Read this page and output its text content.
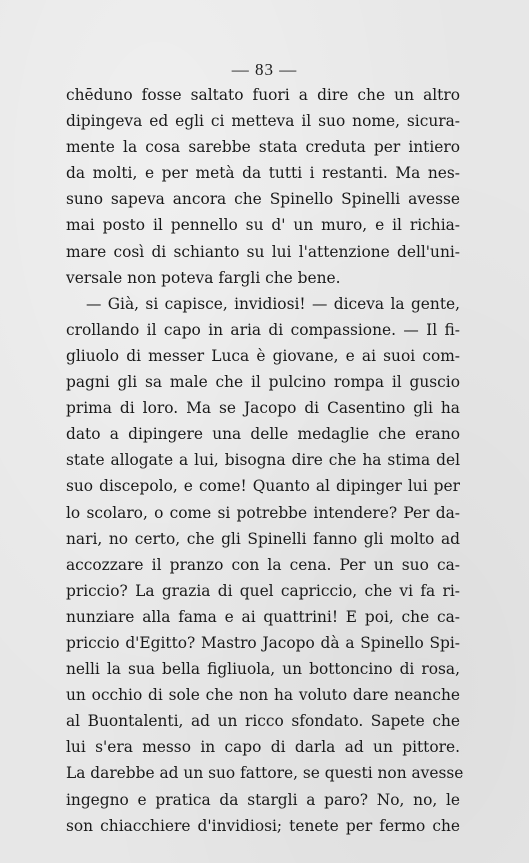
— 83 —
chēduno fosse saltato fuori a dire che un altro
dipingeva ed egli ci metteva il suo nome, sicura-
mente la cosa sarebbe stata creduta per intiero
da molti, e per metà da tutti i restanti. Ma nes-
suno sapeva ancora che Spinello Spinelli avesse
mai posto il pennello su d' un muro, e il richia-
mare così di schianto su lui l'attenzione dell'uni-
versale non poteva fargli che bene.
— Già, si capisce, invidiosi! — diceva la gente,
crollando il capo in aria di compassione. — Il fi-
gliuolo di messer Luca è giovane, e ai suoi com-
pagni gli sa male che il pulcino rompa il guscio
prima di loro. Ma se Jacopo di Casentino gli ha
dato a dipingere una delle medaglie che erano
state allogate a lui, bisogna dire che ha stima del
suo discepolo, e come! Quanto al dipinger lui per
lo scolaro, o come si potrebbe intendere? Per da-
nari, no certo, che gli Spinelli fanno gli molto ad
accozzare il pranzo con la cena. Per un suo ca-
priccio? La grazia di quel capriccio, che vi fa ri-
nunziare alla fama e ai quattrini! E poi, che ca-
priccio d'Egitto? Mastro Jacopo dà a Spinello Spi-
nelli la sua bella figliuola, un bottoncino di rosa,
un occhio di sole che non ha voluto dare neanche
al Buontalenti, ad un ricco sfondato. Sapete che
lui s'era messo in capo di darla ad un pittore.
La darebbe ad un suo fattore, se questi non avesse
ingegno e pratica da stargli a paro? No, no, le
son chiacchiere d'invidiosi; tenete per fermo che
